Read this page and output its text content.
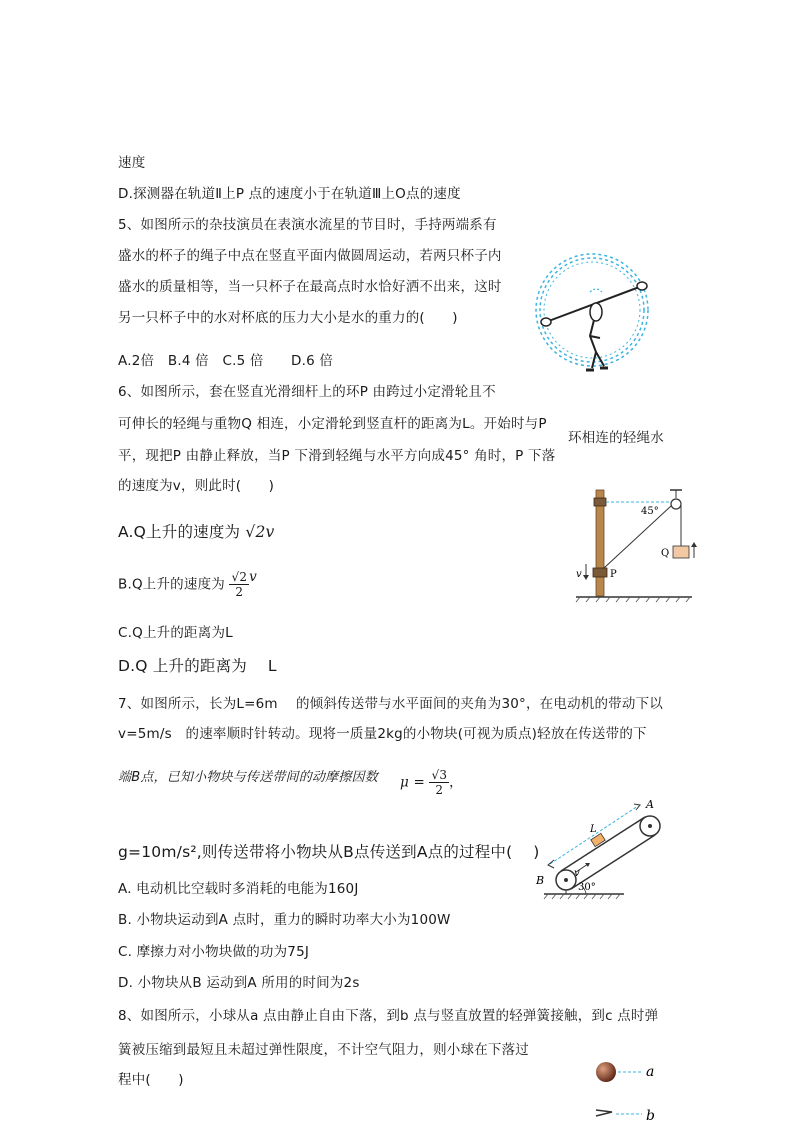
速度
D.探测器在轨道Ⅱ上P 点的速度小于在轨道Ⅲ上O点的速度
5、如图所示的杂技演员在表演水流星的节目时，手持两端系有
盛水的杯子的绳子中点在竖直平面内做圆周运动，若两只杯子内
盛水的质量相等，当一只杯子在最高点时水恰好洒不出来，这时
另一只杯子中的水对杯底的压力大小是水的重力的(　　)
A.2倍　B.4 倍　C.5 倍　　D.6 倍
6、如图所示，套在竖直光滑细杆上的环P 由跨过小定滑轮且不
可伸长的轻绳与重物Q 相连，小定滑轮到竖直杆的距离为L。开始时与P
环相连的轻绳水
平，现把P 由静止释放，当P 下滑到轻绳与水平方向成45° 角时，P 下落
的速度为v，则此时(　　)
A.Q上升的速度为 √2v
B.Q上升的速度为 $\frac{√2}{2}$ v
C.Q上升的距离为L
D.Q 上升的距离为　 L
7、如图所示，长为L=6m　 的倾斜传送带与水平面间的夹角为30°，在电动机的带动下以
v=5m/s　的速率顺时针转动。现将一质量2kg的小物块(可视为质点)轻放在传送带的下
端B点，已知小物块与传送带间的动摩擦因数 $\mu = \frac{√3}{2}$ ，
g=10m/s²,则传送带将小物块从B点传送到A点的过程中(　 )
A. 电动机比空载时多消耗的电能为160J
B. 小物块运动到A 点时，重力的瞬时功率大小为100W
C. 摩擦力对小物块做的功为75J
D. 小物块从B 运动到A 所用的时间为2s
8、如图所示，小球从a 点由静止自由下落，到b 点与竖直放置的轻弹簧接触，到c 点时弹
簧被压缩到最短且未超过弹性限度，不计空气阻力，则小球在下落过
程中(　　)
45°
P
Q
v
A
B
L
v
30°
a
b
